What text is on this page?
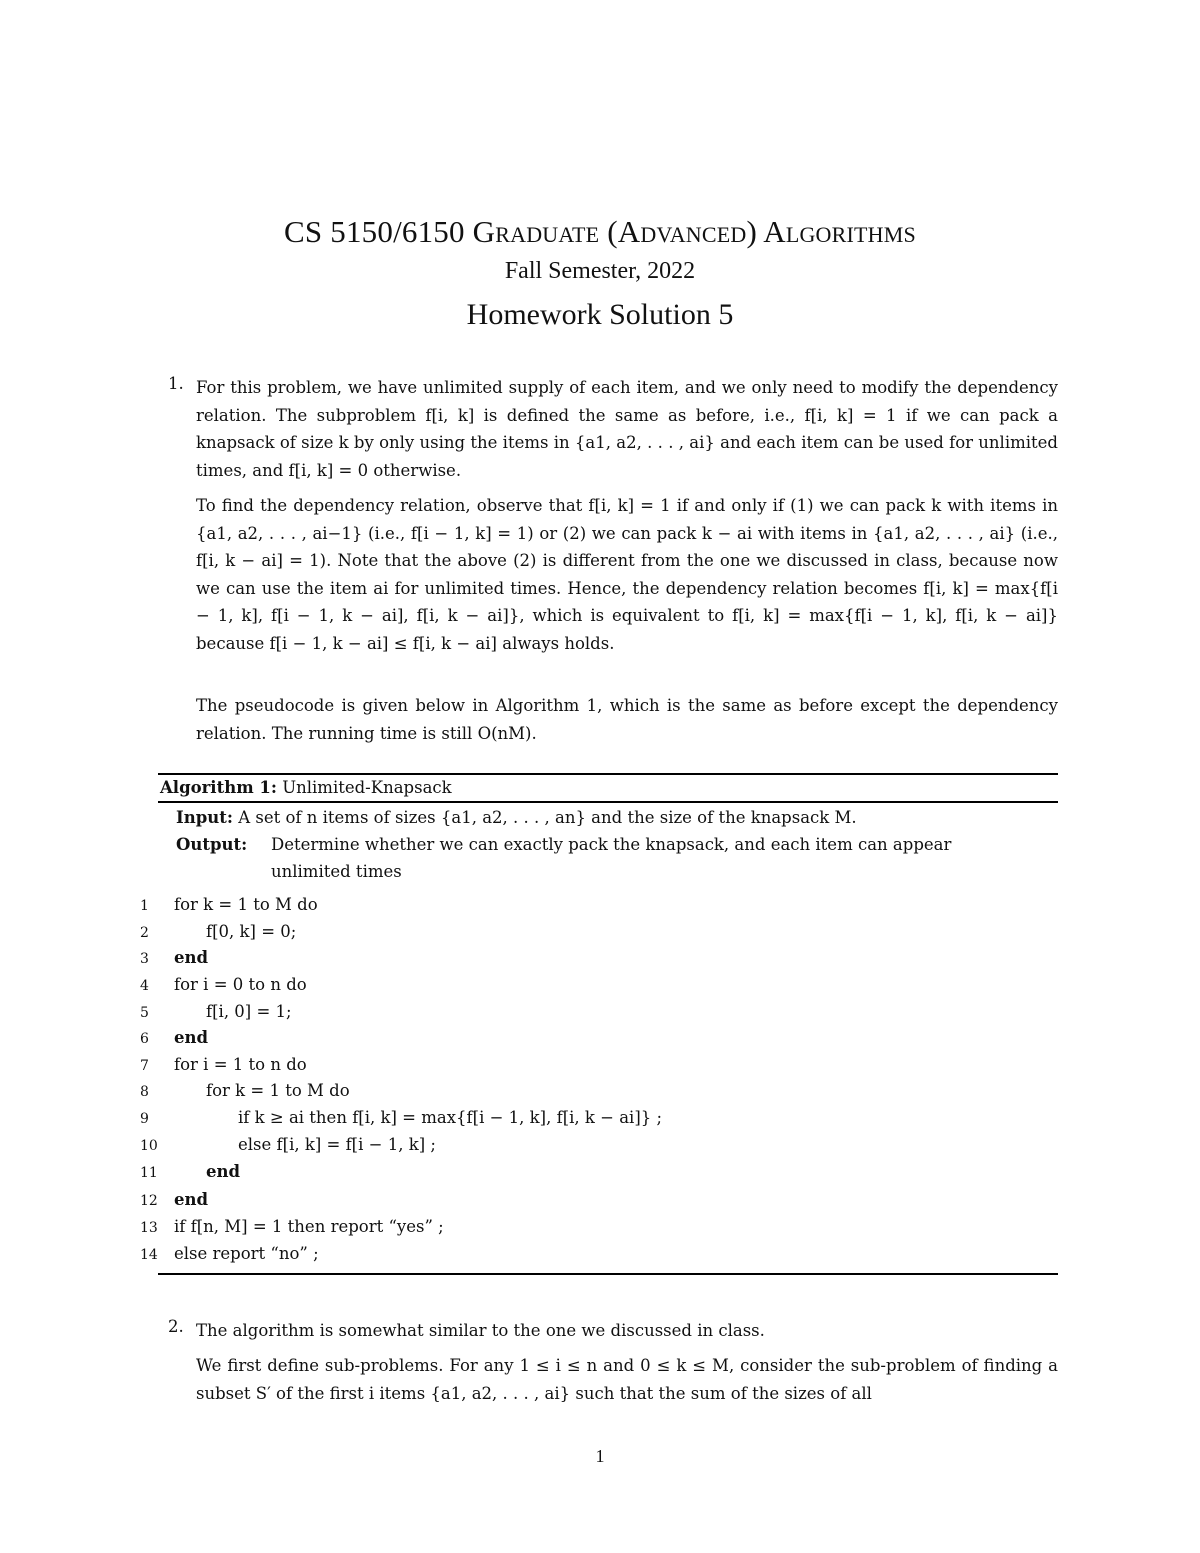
CS 5150/6150 Graduate (Advanced) Algorithms
Fall Semester, 2022
Homework Solution 5
1. For this problem, we have unlimited supply of each item, and we only need to modify the dependency relation. The subproblem f[i, k] is defined the same as before, i.e., f[i, k] = 1 if we can pack a knapsack of size k by only using the items in {a1, a2, . . . , ai} and each item can be used for unlimited times, and f[i, k] = 0 otherwise.
To find the dependency relation, observe that f[i, k] = 1 if and only if (1) we can pack k with items in {a1, a2, . . . , ai−1} (i.e., f[i − 1, k] = 1) or (2) we can pack k − ai with items in {a1, a2, . . . , ai} (i.e., f[i, k − ai] = 1). Note that the above (2) is different from the one we discussed in class, because now we can use the item ai for unlimited times. Hence, the dependency relation becomes f[i, k] = max{f[i − 1, k], f[i − 1, k − ai], f[i, k − ai]}, which is equivalent to f[i, k] = max{f[i − 1, k], f[i, k − ai]} because f[i − 1, k − ai] ≤ f[i, k − ai] always holds.
The pseudocode is given below in Algorithm 1, which is the same as before except the dependency relation. The running time is still O(nM).
Algorithm 1: Unlimited-Knapsack
Input: A set of n items of sizes {a1, a2, . . . , an} and the size of the knapsack M.
Output: Determine whether we can exactly pack the knapsack, and each item can appear
unlimited times
1 for k = 1 to M do
2	f[0, k] = 0;
3 end
4 for i = 0 to n do
5	f[i, 0] = 1;
6 end
7 for i = 1 to n do
8	for k = 1 to M do
9	if k ≥ ai then f[i, k] = max{f[i − 1, k], f[i, k − ai]} ;
10	else f[i, k] = f[i − 1, k] ;
11	end
12 end
13 if f[n, M] = 1 then report “yes” ;
14 else report “no” ;
2. The algorithm is somewhat similar to the one we discussed in class.
We first define sub-problems. For any 1 ≤ i ≤ n and 0 ≤ k ≤ M, consider the sub-problem of finding a subset S′ of the first i items {a1, a2, . . . , ai} such that the sum of the sizes of all
1
